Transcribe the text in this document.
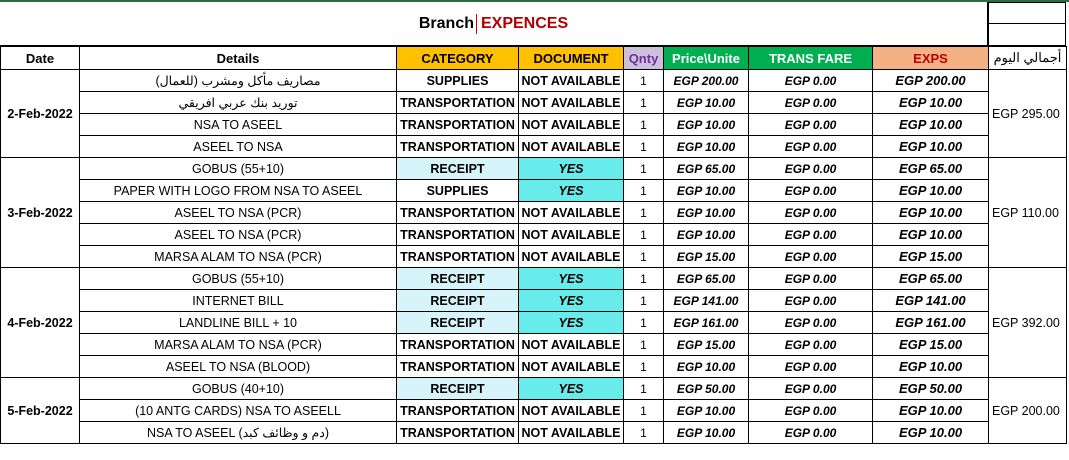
Branch EXPENCES
Date	Details	CATEGORY	DOCUMENT	Qnty	Price\Unite	TRANS FARE	EXPS	أجمالي اليوم
2-Feb-2022	مصاريف مأكل ومشرب (للعمال)	SUPPLIES	NOT AVAILABLE	1	EGP 200.00	EGP 0.00	EGP 200.00	EGP 295.00
	توريد بنك عربي افريقي	TRANSPORTATION	NOT AVAILABLE	1	EGP 10.00	EGP 0.00	EGP 10.00	
	NSA TO ASEEL	TRANSPORTATION	NOT AVAILABLE	1	EGP 10.00	EGP 0.00	EGP 10.00	
	ASEEL TO NSA	TRANSPORTATION	NOT AVAILABLE	1	EGP 10.00	EGP 0.00	EGP 10.00	
3-Feb-2022	GOBUS (55+10)	RECEIPT	YES	1	EGP 65.00	EGP 0.00	EGP 65.00	EGP 110.00
	PAPER WITH LOGO FROM NSA TO ASEEL	SUPPLIES	YES	1	EGP 10.00	EGP 0.00	EGP 10.00	
	ASEEL TO NSA (PCR)	TRANSPORTATION	NOT AVAILABLE	1	EGP 10.00	EGP 0.00	EGP 10.00	
	ASEEL TO NSA (PCR)	TRANSPORTATION	NOT AVAILABLE	1	EGP 10.00	EGP 0.00	EGP 10.00	
	MARSA ALAM TO NSA (PCR)	TRANSPORTATION	NOT AVAILABLE	1	EGP 15.00	EGP 0.00	EGP 15.00	
4-Feb-2022	GOBUS (55+10)	RECEIPT	YES	1	EGP 65.00	EGP 0.00	EGP 65.00	EGP 392.00
	INTERNET BILL	RECEIPT	YES	1	EGP 141.00	EGP 0.00	EGP 141.00	
	LANDLINE BILL + 10	RECEIPT	YES	1	EGP 161.00	EGP 0.00	EGP 161.00	
	MARSA ALAM TO NSA (PCR)	TRANSPORTATION	NOT AVAILABLE	1	EGP 15.00	EGP 0.00	EGP 15.00	
	ASEEL TO NSA (BLOOD)	TRANSPORTATION	NOT AVAILABLE	1	EGP 10.00	EGP 0.00	EGP 10.00	
5-Feb-2022	GOBUS (40+10)	RECEIPT	YES	1	EGP 50.00	EGP 0.00	EGP 50.00	EGP 200.00
	(10 ANTG CARDS) NSA TO ASEELL	TRANSPORTATION	NOT AVAILABLE	1	EGP 10.00	EGP 0.00	EGP 10.00	
	NSA TO ASEEL (دم و وظائف كبد)	TRANSPORTATION	NOT AVAILABLE	1	EGP 10.00	EGP 0.00	EGP 10.00	
